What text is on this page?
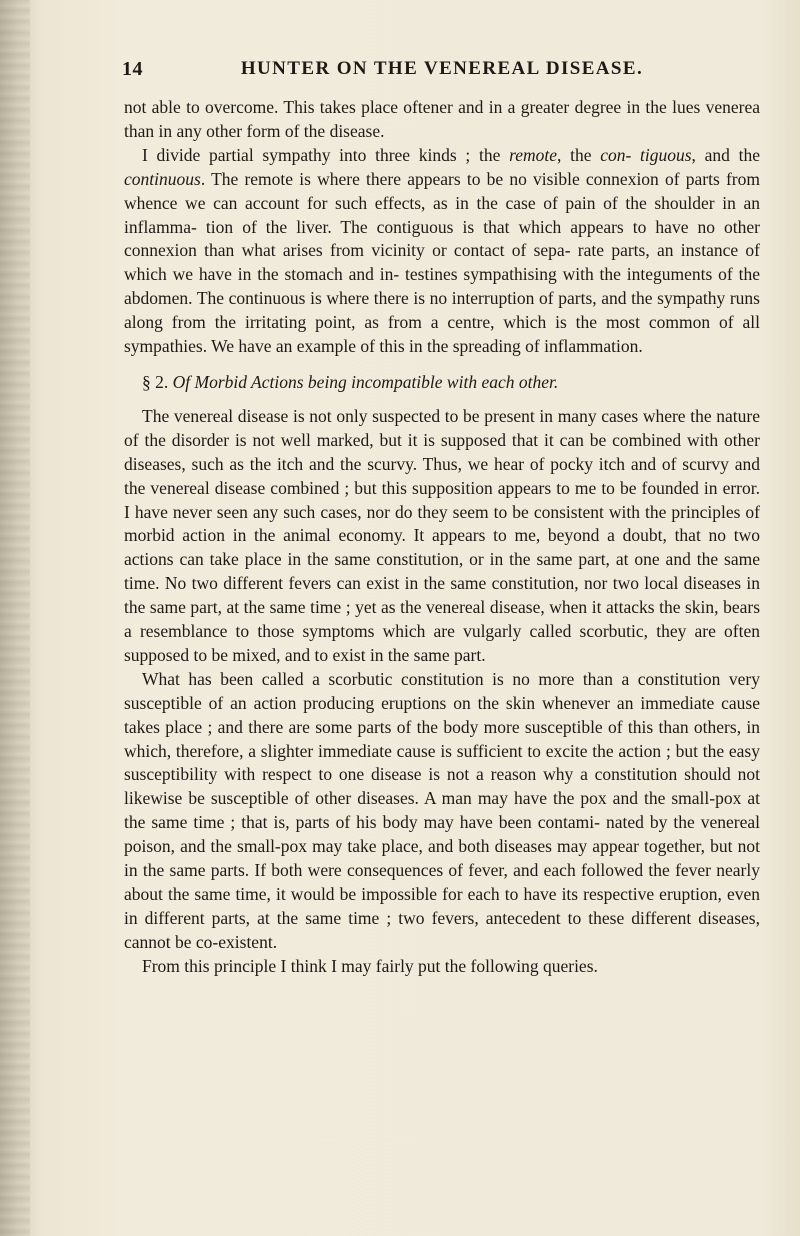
14	HUNTER ON THE VENEREAL DISEASE.

not able to overcome. This takes place oftener and in a greater degree in the lues venerea than in any other form of the disease.

I divide partial sympathy into three kinds ; the remote, the con- tiguous, and the continuous. The remote is where there appears to be no visible connexion of parts from whence we can account for such effects, as in the case of pain of the shoulder in an inflamma- tion of the liver. The contiguous is that which appears to have no other connexion than what arises from vicinity or contact of sepa- rate parts, an instance of which we have in the stomach and in- testines sympathising with the integuments of the abdomen. The continuous is where there is no interruption of parts, and the sympathy runs along from the irritating point, as from a centre, which is the most common of all sympathies. We have an example of this in the spreading of inflammation.

§ 2. Of Morbid Actions being incompatible with each other.

The venereal disease is not only suspected to be present in many cases where the nature of the disorder is not well marked, but it is supposed that it can be combined with other diseases, such as the itch and the scurvy. Thus, we hear of pocky itch and of scurvy and the venereal disease combined ; but this supposition appears to me to be founded in error. I have never seen any such cases, nor do they seem to be consistent with the principles of morbid action in the animal economy. It appears to me, beyond a doubt, that no two actions can take place in the same constitution, or in the same part, at one and the same time. No two different fevers can exist in the same constitution, nor two local diseases in the same part, at the same time ; yet as the venereal disease, when it attacks the skin, bears a resemblance to those symptoms which are vulgarly called scorbutic, they are often supposed to be mixed, and to exist in the same part.

What has been called a scorbutic constitution is no more than a constitution very susceptible of an action producing eruptions on the skin whenever an immediate cause takes place ; and there are some parts of the body more susceptible of this than others, in which, therefore, a slighter immediate cause is sufficient to excite the action ; but the easy susceptibility with respect to one disease is not a reason why a constitution should not likewise be susceptible of other diseases. A man may have the pox and the small-pox at the same time ; that is, parts of his body may have been contami- nated by the venereal poison, and the small-pox may take place, and both diseases may appear together, but not in the same parts. If both were consequences of fever, and each followed the fever nearly about the same time, it would be impossible for each to have its respective eruption, even in different parts, at the same time ; two fevers, antecedent to these different diseases, cannot be co-existent.

From this principle I think I may fairly put the following queries.
